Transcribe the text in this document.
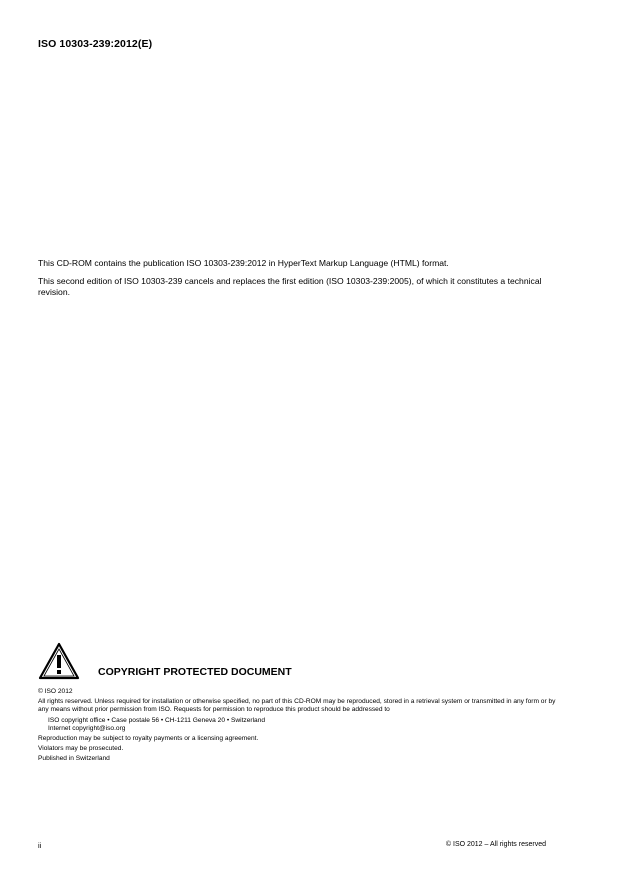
ISO 10303-239:2012(E)
This CD-ROM contains the publication ISO 10303-239:2012 in HyperText Markup Language (HTML) format.
This second edition of ISO 10303-239 cancels and replaces the first edition (ISO 10303-239:2005), of which it constitutes a technical revision.
COPYRIGHT PROTECTED DOCUMENT
© ISO 2012
All rights reserved. Unless required for installation or otherwise specified, no part of this CD-ROM may be reproduced, stored in a retrieval system or transmitted in any form or by any means without prior permission from ISO. Requests for permission to reproduce this product should be addressed to
ISO copyright office • Case postale 56 • CH-1211 Geneva 20 • Switzerland
Internet copyright@iso.org
Reproduction may be subject to royalty payments or a licensing agreement.
Violators may be prosecuted.
Published in Switzerland
ii	© ISO 2012 – All rights reserved
